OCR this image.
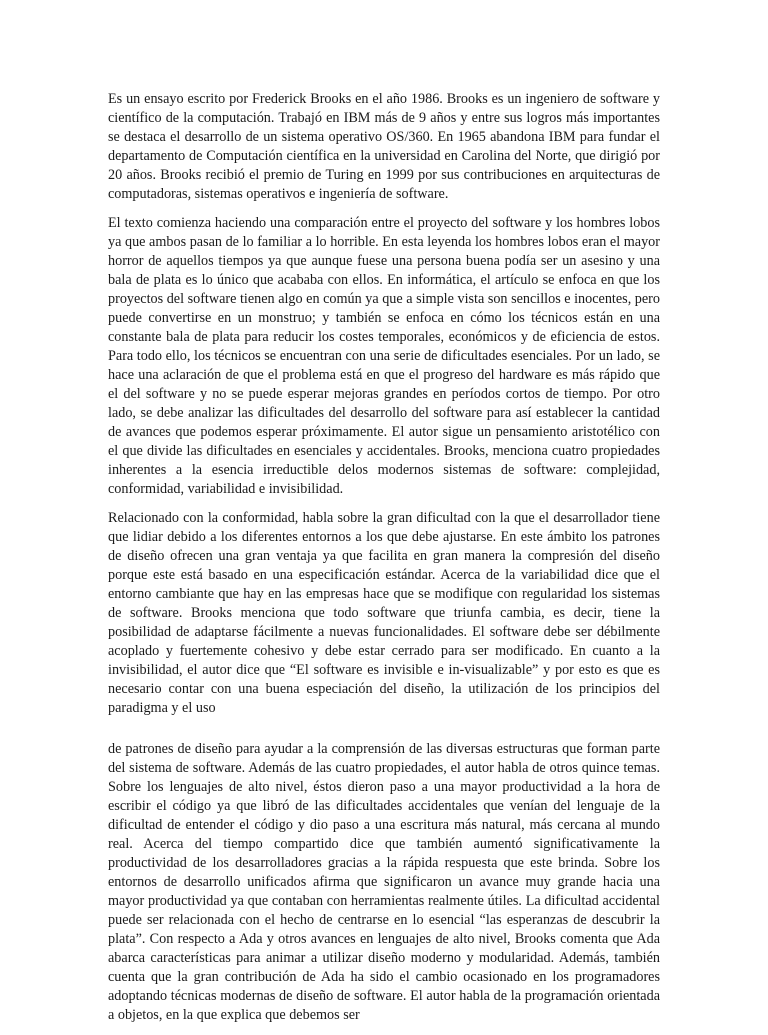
Es un ensayo escrito por Frederick Brooks en el año 1986. Brooks es un ingeniero de software y científico de la computación. Trabajó en IBM más de 9 años y entre sus logros más importantes se destaca el desarrollo de un sistema operativo OS/360. En 1965 abandona IBM para fundar el departamento de Computación científica en la universidad en Carolina del Norte, que dirigió por 20 años. Brooks recibió el premio de Turing en 1999 por sus contribuciones en arquitecturas de computadoras, sistemas operativos e ingeniería de software.

El texto comienza haciendo una comparación entre el proyecto del software y los hombres lobos ya que ambos pasan de lo familiar a lo horrible. En esta leyenda los hombres lobos eran el mayor horror de aquellos tiempos ya que aunque fuese una persona buena podía ser un asesino y una bala de plata es lo único que acababa con ellos. En informática, el artículo se enfoca en que los proyectos del software tienen algo en común ya que a simple vista son sencillos e inocentes, pero puede convertirse en un monstruo; y también se enfoca en cómo los técnicos están en una constante bala de plata para reducir los costes temporales, económicos y de eficiencia de estos. Para todo ello, los técnicos se encuentran con una serie de dificultades esenciales. Por un lado, se hace una aclaración de que el problema está en que el progreso del hardware es más rápido que el del software y no se puede esperar mejoras grandes en períodos cortos de tiempo. Por otro lado, se debe analizar las dificultades del desarrollo del software para así establecer la cantidad de avances que podemos esperar próximamente. El autor sigue un pensamiento aristotélico con el que divide las dificultades en esenciales y accidentales. Brooks, menciona cuatro propiedades inherentes a la esencia irreductible delos modernos sistemas de software: complejidad, conformidad, variabilidad e invisibilidad.

Relacionado con la conformidad, habla sobre la gran dificultad con la que el desarrollador tiene que lidiar debido a los diferentes entornos a los que debe ajustarse. En este ámbito los patrones de diseño ofrecen una gran ventaja ya que facilita en gran manera la compresión del diseño porque este está basado en una especificación estándar. Acerca de la variabilidad dice que el entorno cambiante que hay en las empresas hace que se modifique con regularidad los sistemas de software. Brooks menciona que todo software que triunfa cambia, es decir, tiene la posibilidad de adaptarse fácilmente a nuevas funcionalidades. El software debe ser débilmente acoplado y fuertemente cohesivo y debe estar cerrado para ser modificado. En cuanto a la invisibilidad, el autor dice que “El software es invisible e in-visualizable” y por esto es que es necesario contar con una buena especiación del diseño, la utilización de los principios del paradigma y el uso

de patrones de diseño para ayudar a la comprensión de las diversas estructuras que forman parte del sistema de software. Además de las cuatro propiedades, el autor habla de otros quince temas. Sobre los lenguajes de alto nivel, éstos dieron paso a una mayor productividad a la hora de escribir el código ya que libró de las dificultades accidentales que venían del lenguaje de la dificultad de entender el código y dio paso a una escritura más natural, más cercana al mundo real. Acerca del tiempo compartido dice que también aumentó significativamente la productividad de los desarrolladores gracias a la rápida respuesta que este brinda. Sobre los entornos de desarrollo unificados afirma que significaron un avance muy grande hacia una mayor productividad ya que contaban con herramientas realmente útiles. La dificultad accidental puede ser relacionada con el hecho de centrarse en lo esencial “las esperanzas de descubrir la plata”. Con respecto a Ada y otros avances en lenguajes de alto nivel, Brooks comenta que Ada abarca características para animar a utilizar diseño moderno y modularidad. Además, también cuenta que la gran contribución de Ada ha sido el cambio ocasionado en los programadores adoptando técnicas modernas de diseño de software. El autor habla de la programación orientada a objetos, en la que explica que debemos ser
